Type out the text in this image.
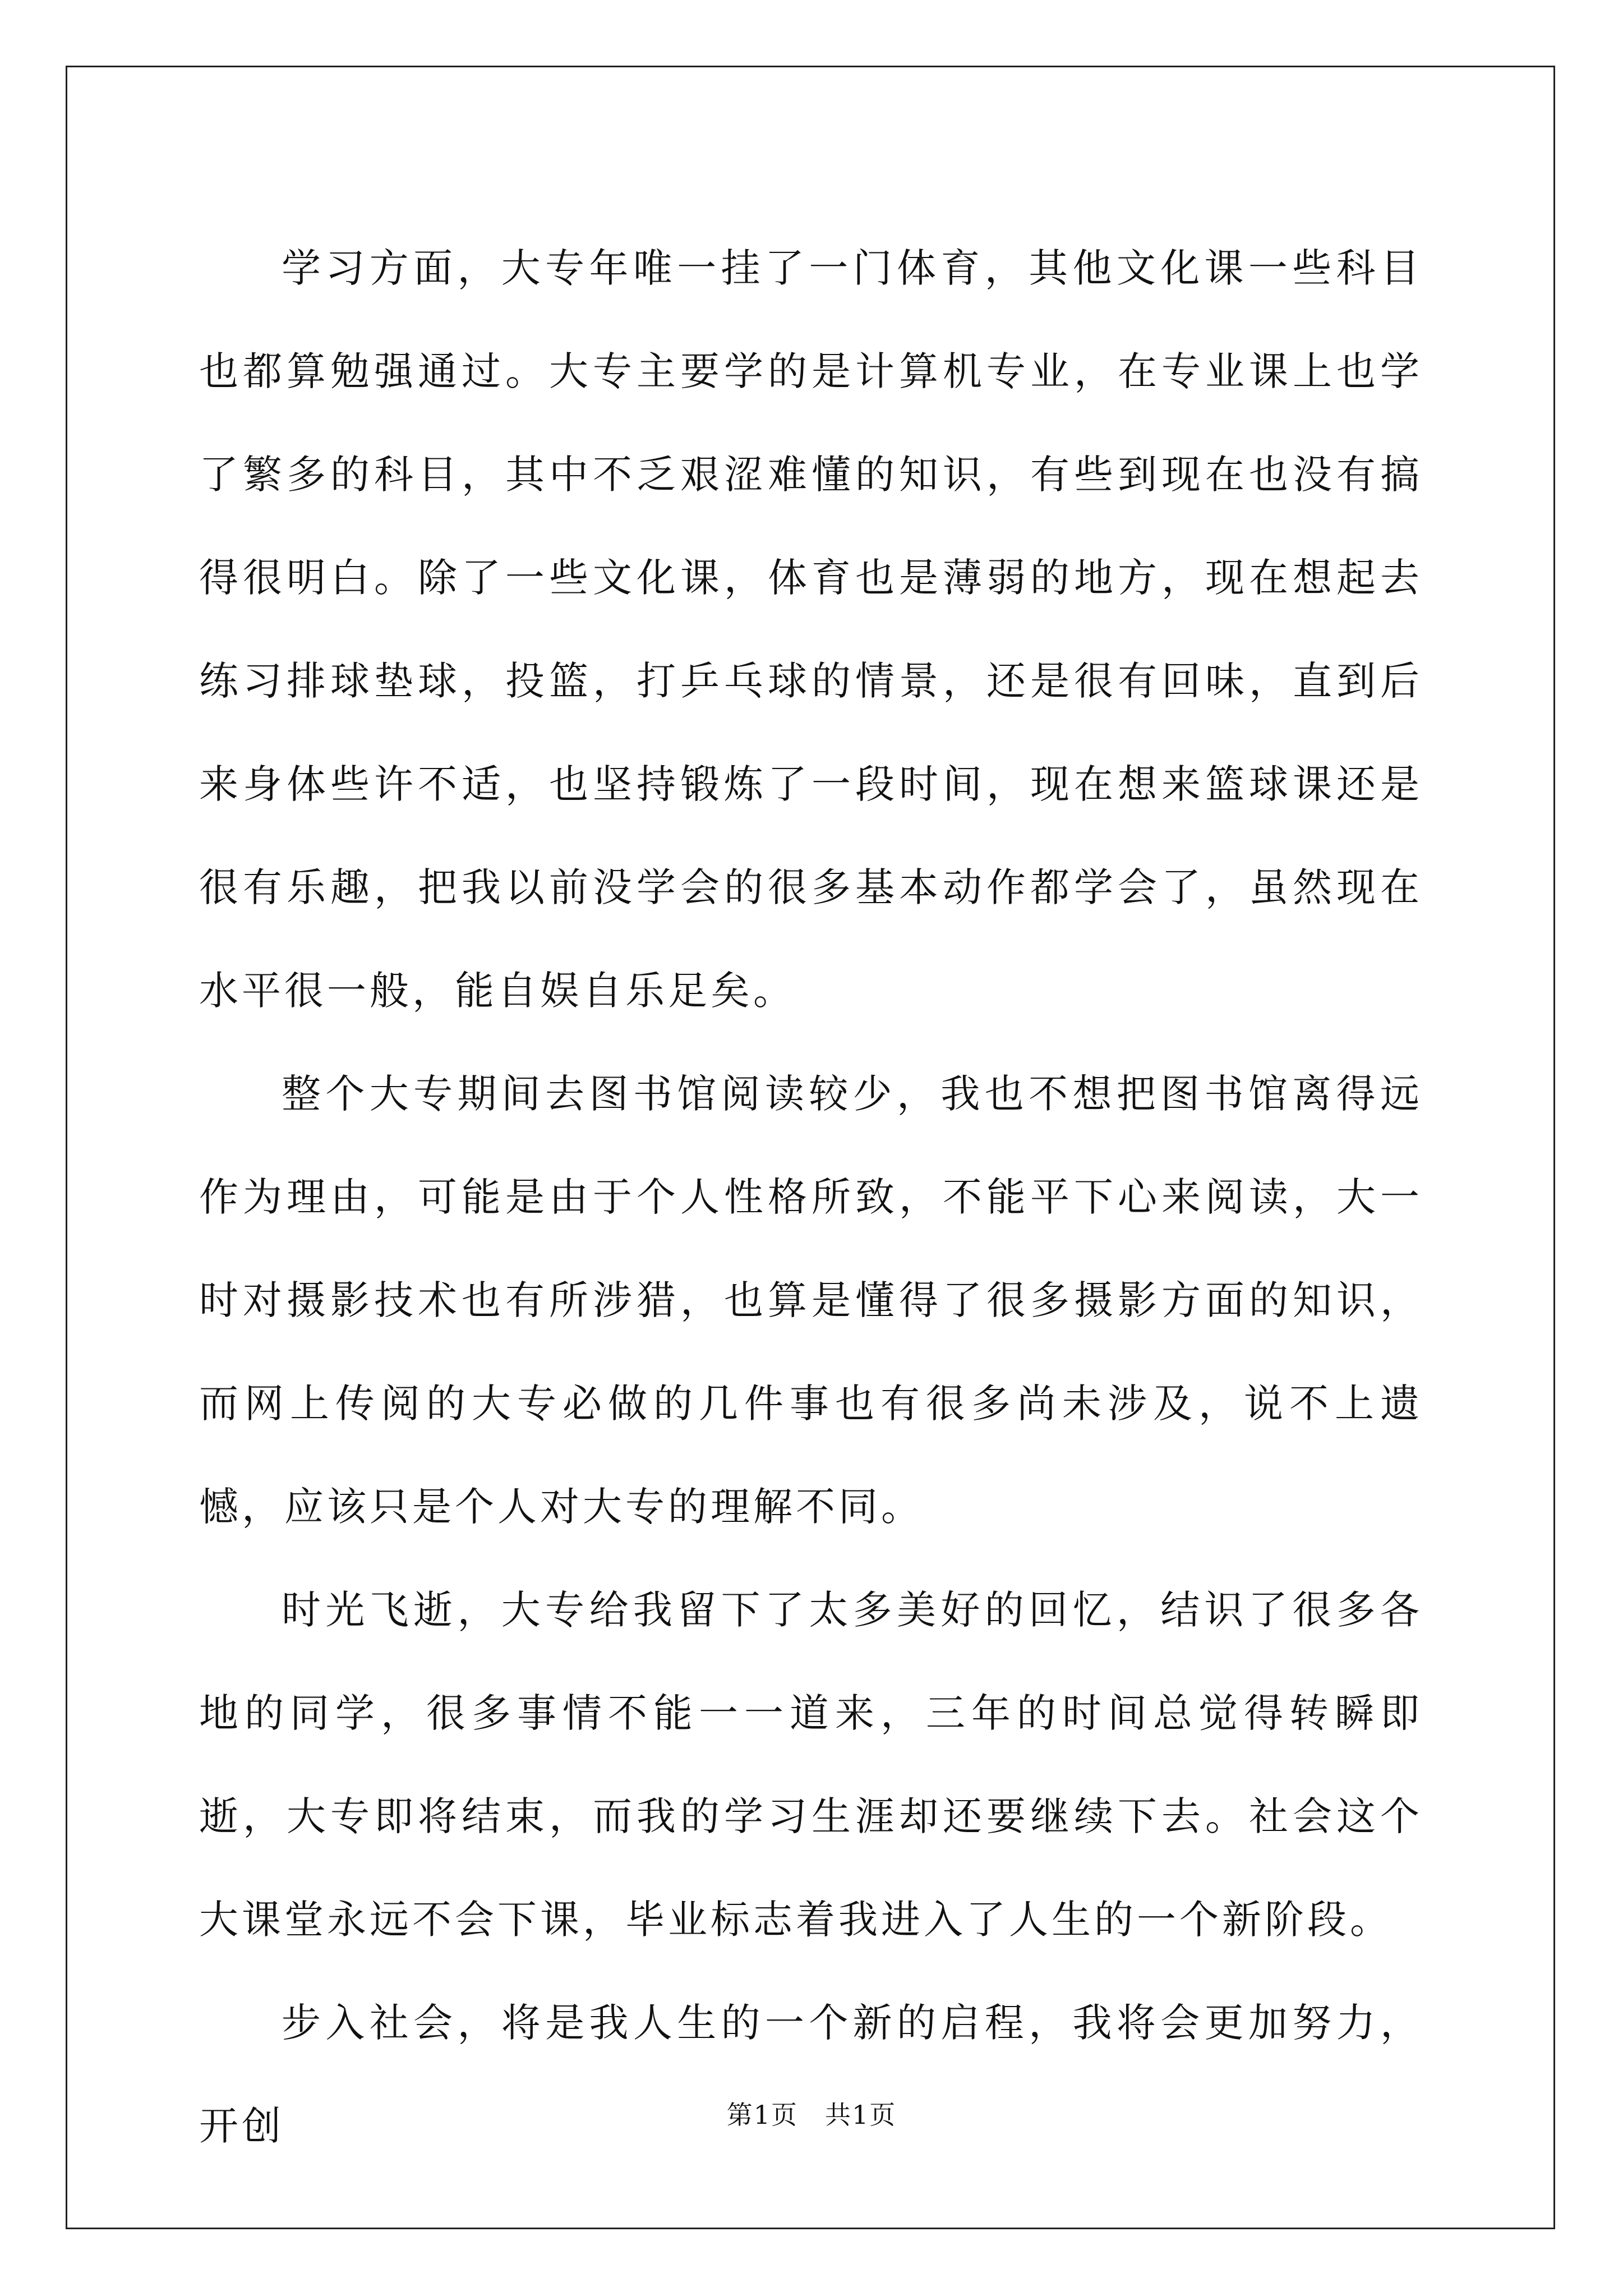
学习方面，大专年唯一挂了一门体育，其他文化课一些科目也都算勉强通过。大专主要学的是计算机专业，在专业课上也学了繁多的科目，其中不乏艰涩难懂的知识，有些到现在也没有搞得很明白。除了一些文化课，体育也是薄弱的地方，现在想起去练习排球垫球，投篮，打乒乓球的情景，还是很有回味，直到后来身体些许不适，也坚持锻炼了一段时间，现在想来篮球课还是很有乐趣，把我以前没学会的很多基本动作都学会了，虽然现在水平很一般，能自娱自乐足矣。

整个大专期间去图书馆阅读较少，我也不想把图书馆离得远作为理由，可能是由于个人性格所致，不能平下心来阅读，大一时对摄影技术也有所涉猎，也算是懂得了很多摄影方面的知识，而网上传阅的大专必做的几件事也有很多尚未涉及，说不上遗憾，应该只是个人对大专的理解不同。

时光飞逝，大专给我留下了太多美好的回忆，结识了很多各地的同学，很多事情不能一一道来，三年的时间总觉得转瞬即逝，大专即将结束，而我的学习生涯却还要继续下去。社会这个大课堂永远不会下课，毕业标志着我进入了人生的一个新阶段。

步入社会，将是我人生的一个新的启程，我将会更加努力，开创	第1页 共1页
